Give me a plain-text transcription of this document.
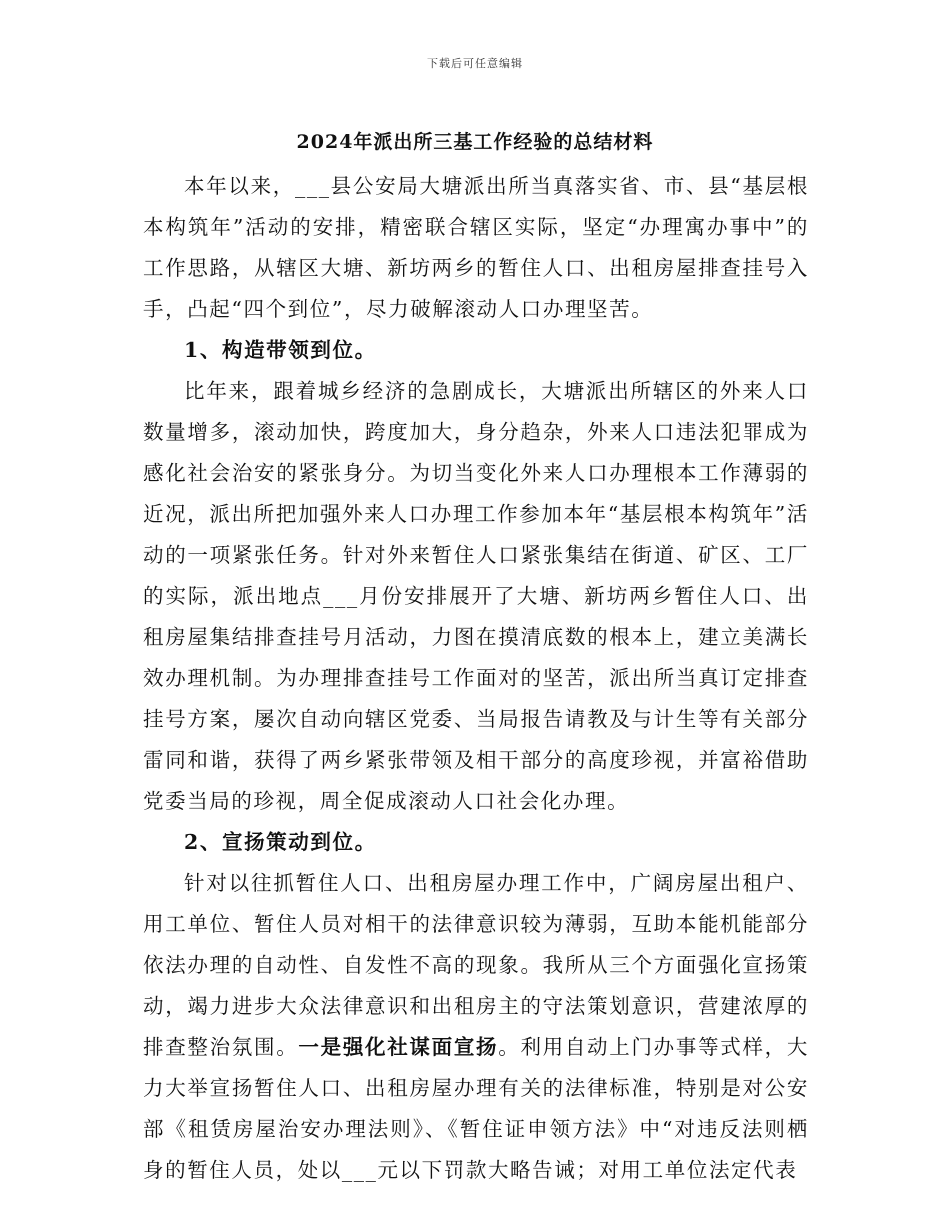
下载后可任意编辑
2024年派出所三基工作经验的总结材料

本年以来，___县公安局大塘派出所当真落实省、市、县“基层根本构筑年”活动的安排，精密联合辖区实际，坚定“办理寓办事中”的工作思路，从辖区大塘、新坊两乡的暂住人口、出租房屋排查挂号入手，凸起“四个到位”，尽力破解滚动人口办理坚苦。

1、构造带领到位。

比年来，跟着城乡经济的急剧成长，大塘派出所辖区的外来人口数量增多，滚动加快，跨度加大，身分趋杂，外来人口违法犯罪成为感化社会治安的紧张身分。为切当变化外来人口办理根本工作薄弱的近况，派出所把加强外来人口办理工作参加本年“基层根本构筑年”活动的一项紧张任务。针对外来暂住人口紧张集结在街道、矿区、工厂的实际，派出地点___月份安排展开了大塘、新坊两乡暂住人口、出租房屋集结排查挂号月活动，力图在摸清底数的根本上，建立美满长效办理机制。为办理排查挂号工作面对的坚苦，派出所当真订定排查挂号方案，屡次自动向辖区党委、当局报告请教及与计生等有关部分雷同和谐，获得了两乡紧张带领及相干部分的高度珍视，并富裕借助党委当局的珍视，周全促成滚动人口社会化办理。

2、宣扬策动到位。

针对以往抓暂住人口、出租房屋办理工作中，广阔房屋出租户、用工单位、暂住人员对相干的法律意识较为薄弱，互助本能机能部分依法办理的自动性、自发性不高的现象。我所从三个方面强化宣扬策动，竭力进步大众法律意识和出租房主的守法策划意识，营建浓厚的排查整治氛围。一是强化社谋面宣扬。利用自动上门办事等式样，大力大举宣扬暂住人口、出租房屋办理有关的法律标准，特别是对公安部《租赁房屋治安办理法则》、《暂住证申领方法》中“对违反法则栖身的暂住人员，处以___元以下罚款大略告诫；对用工单位法定代表
